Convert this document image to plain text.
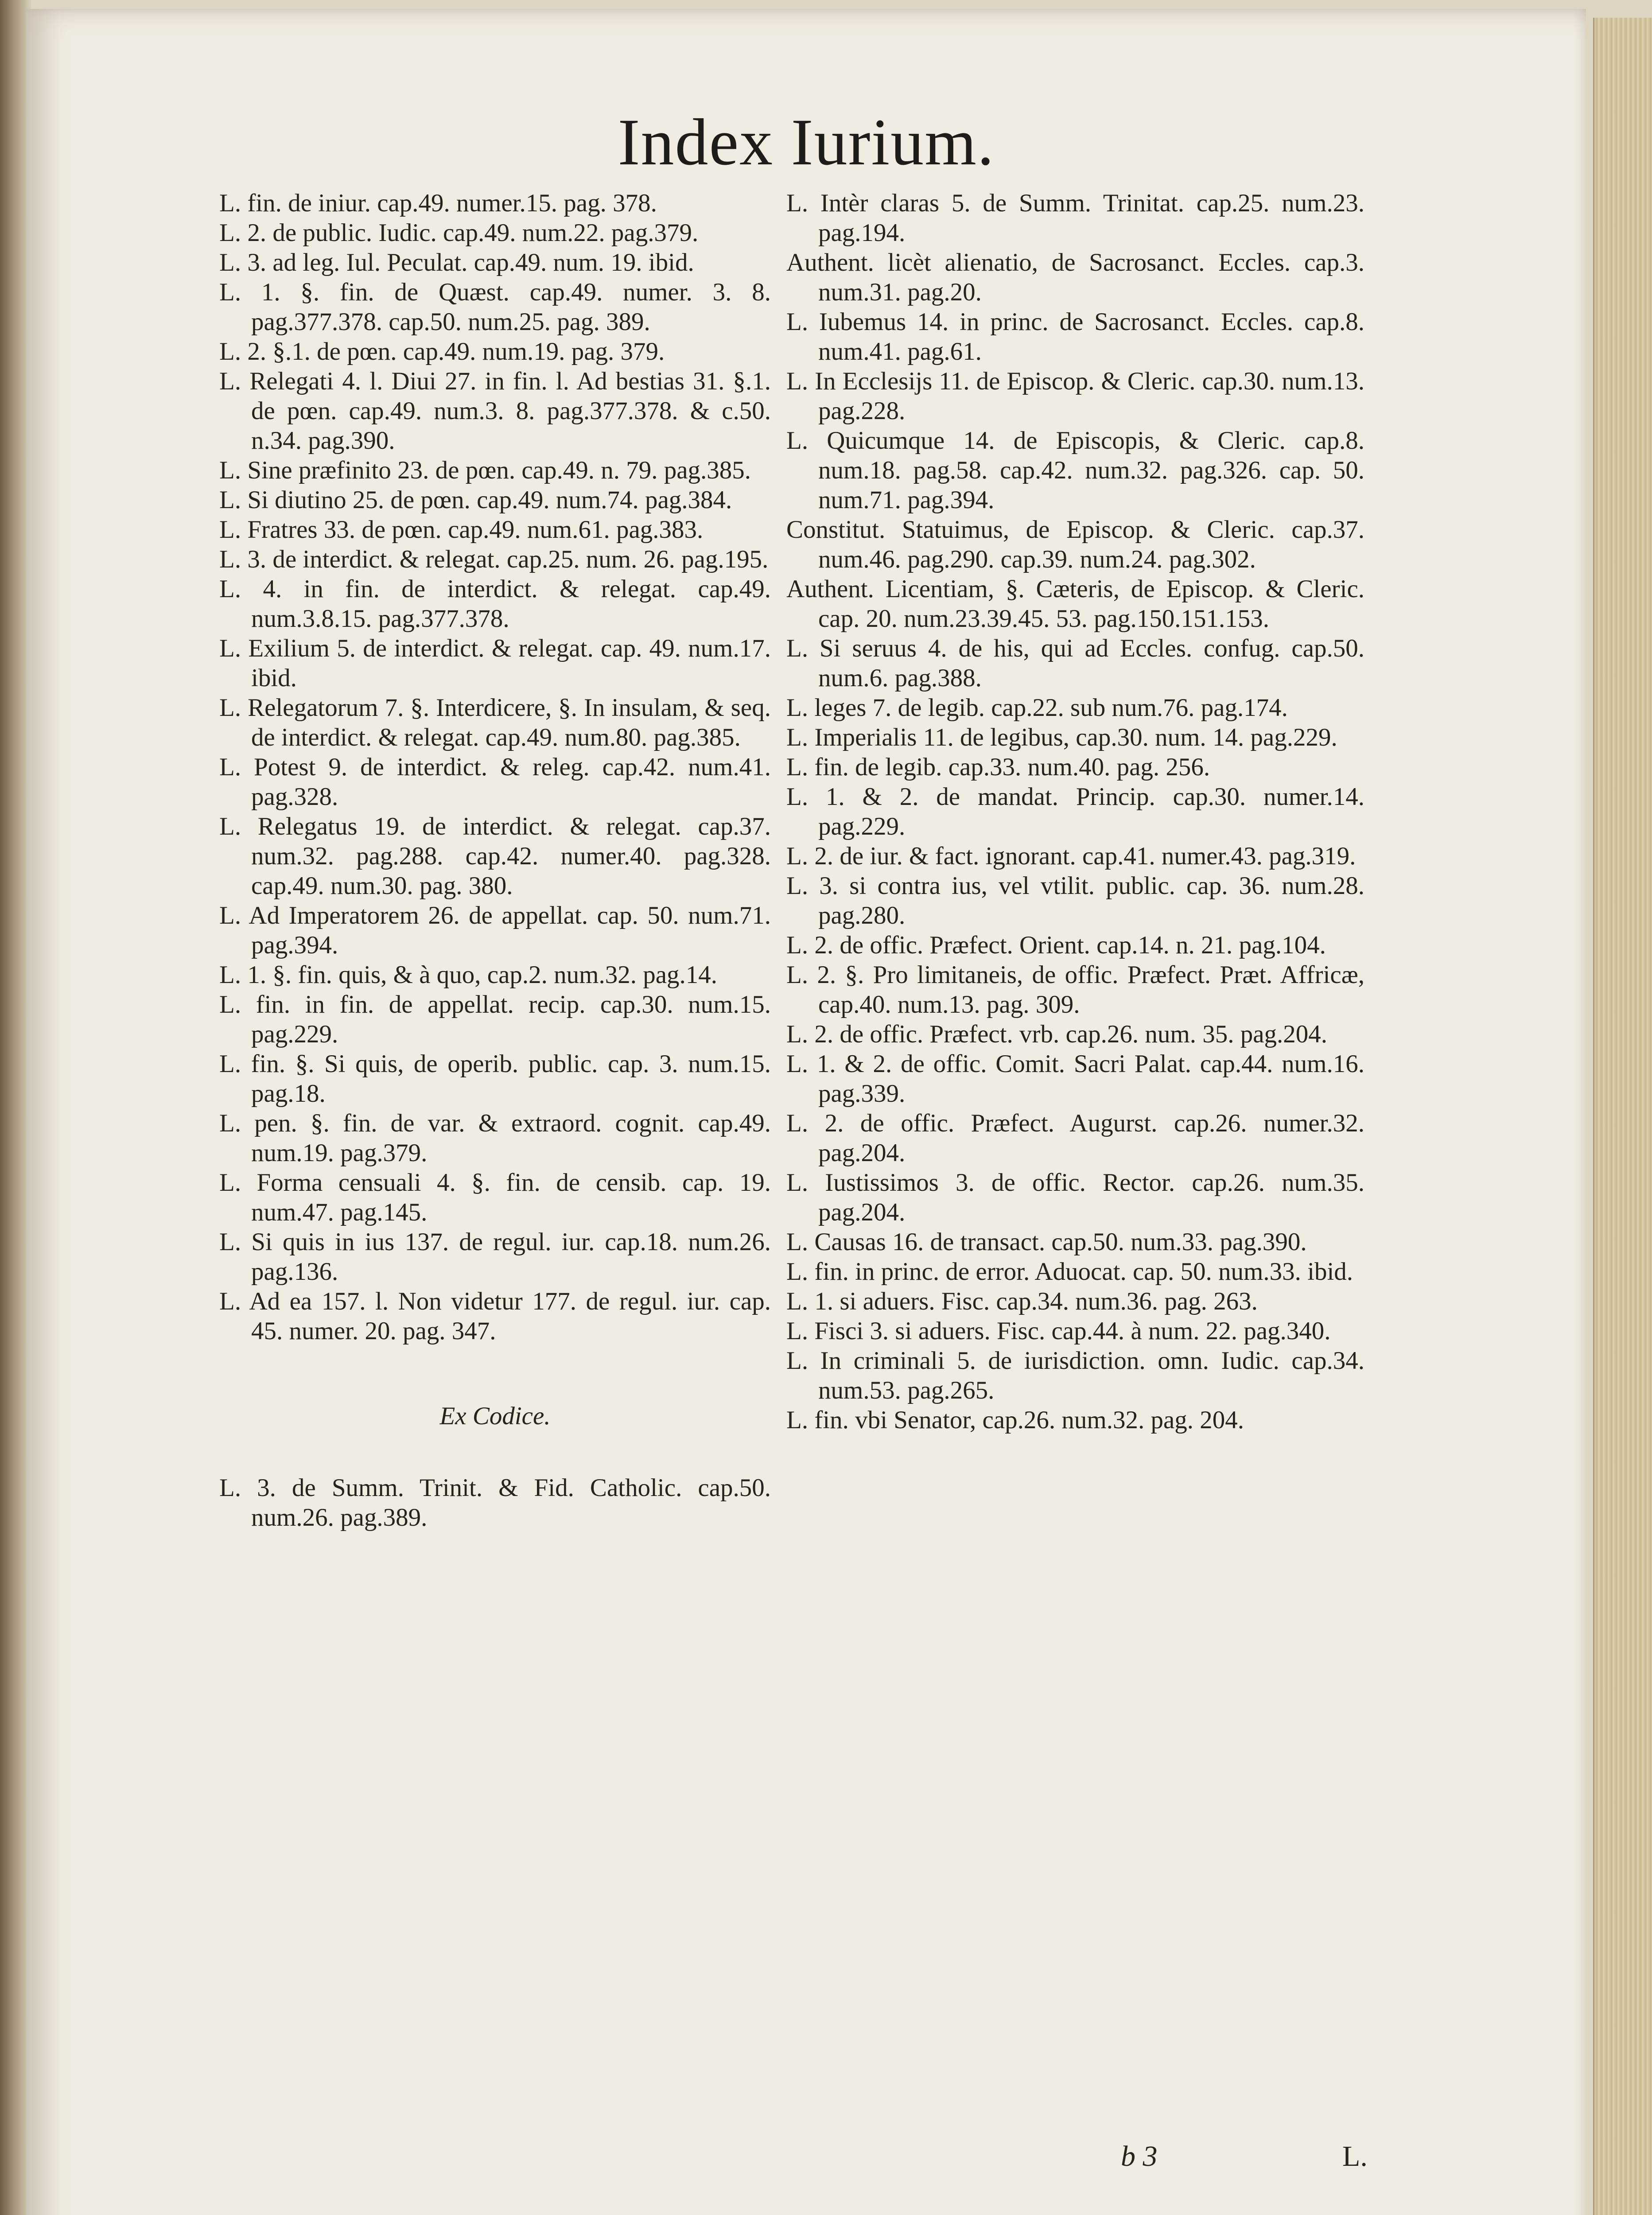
Index Iurium.

L. fin. de iniur. cap.49. numer.15. pag. 378.

L. 2. de public. Iudic. cap.49. num.22. pag.379.

L. 3. ad leg. Iul. Peculat. cap.49. num. 19. ibid.

L. 1. §. fin. de Quæst. cap.49. numer. 3. 8. pag.377.378. cap.50. num.25. pag. 389.

L. 2. §.1. de pœn. cap.49. num.19. pag. 379.

L. Relegati 4. l. Diui 27. in fin. l. Ad bestias 31. §.1. de pœn. cap.49. num.3. 8. pag.377.378. & c.50. n.34. pag.390.

L. Sine præfinito 23. de pœn. cap.49. n. 79. pag.385.

L. Si diutino 25. de pœn. cap.49. num.74. pag.384.

L. Fratres 33. de pœn. cap.49. num.61. pag.383.

L. 3. de interdict. & relegat. cap.25. num. 26. pag.195.

L. 4. in fin. de interdict. & relegat. cap.49. num.3.8.15. pag.377.378.

L. Exilium 5. de interdict. & relegat. cap. 49. num.17. ibid.

L. Relegatorum 7. §. Interdicere, §. In insulam, & seq. de interdict. & relegat. cap.49. num.80. pag.385.

L. Potest 9. de interdict. & releg. cap.42. num.41. pag.328.

L. Relegatus 19. de interdict. & relegat. cap.37. num.32. pag.288. cap.42. numer.40. pag.328. cap.49. num.30. pag. 380.

L. Ad Imperatorem 26. de appellat. cap. 50. num.71. pag.394.

L. 1. §. fin. quis, & à quo, cap.2. num.32. pag.14.

L. fin. in fin. de appellat. recip. cap.30. num.15. pag.229.

L. fin. §. Si quis, de operib. public. cap. 3. num.15. pag.18.

L. pen. §. fin. de var. & extraord. cognit. cap.49. num.19. pag.379.

L. Forma censuali 4. §. fin. de censib. cap. 19. num.47. pag.145.

L. Si quis in ius 137. de regul. iur. cap.18. num.26. pag.136.

L. Ad ea 157. l. Non videtur 177. de regul. iur. cap. 45. numer. 20. pag. 347.

Ex Codice.

L. 3. de Summ. Trinit. & Fid. Catholic. cap.50. num.26. pag.389.

L. Intèr claras 5. de Summ. Trinitat. cap.25. num.23. pag.194.

Authent. licèt alienatio, de Sacrosanct. Eccles. cap.3. num.31. pag.20.

L. Iubemus 14. in princ. de Sacrosanct. Eccles. cap.8. num.41. pag.61.

L. In Ecclesijs 11. de Episcop. & Cleric. cap.30. num.13. pag.228.

L. Quicumque 14. de Episcopis, & Cleric. cap.8. num.18. pag.58. cap.42. num.32. pag.326. cap. 50. num.71. pag.394.

Constitut. Statuimus, de Episcop. & Cleric. cap.37. num.46. pag.290. cap.39. num.24. pag.302.

Authent. Licentiam, §. Cæteris, de Episcop. & Cleric. cap. 20. num.23.39.45. 53. pag.150.151.153.

L. Si seruus 4. de his, qui ad Eccles. confug. cap.50. num.6. pag.388.

L. leges 7. de legib. cap.22. sub num.76. pag.174.

L. Imperialis 11. de legibus, cap.30. num. 14. pag.229.

L. fin. de legib. cap.33. num.40. pag. 256.

L. 1. & 2. de mandat. Princip. cap.30. numer.14. pag.229.

L. 2. de iur. & fact. ignorant. cap.41. numer.43. pag.319.

L. 3. si contra ius, vel vtilit. public. cap. 36. num.28. pag.280.

L. 2. de offic. Præfect. Orient. cap.14. n. 21. pag.104.

L. 2. §. Pro limitaneis, de offic. Præfect. Præt. Affricæ, cap.40. num.13. pag. 309.

L. 2. de offic. Præfect. vrb. cap.26. num. 35. pag.204.

L. 1. & 2. de offic. Comit. Sacri Palat. cap.44. num.16. pag.339.

L. 2. de offic. Præfect. Augurst. cap.26. numer.32. pag.204.

L. Iustissimos 3. de offic. Rector. cap.26. num.35. pag.204.

L. Causas 16. de transact. cap.50. num.33. pag.390.

L. fin. in princ. de error. Aduocat. cap. 50. num.33. ibid.

L. 1. si aduers. Fisc. cap.34. num.36. pag. 263.

L. Fisci 3. si aduers. Fisc. cap.44. à num. 22. pag.340.

L. In criminali 5. de iurisdiction. omn. Iudic. cap.34. num.53. pag.265.

L. fin. vbi Senator, cap.26. num.32. pag. 204.

b 3	L.
